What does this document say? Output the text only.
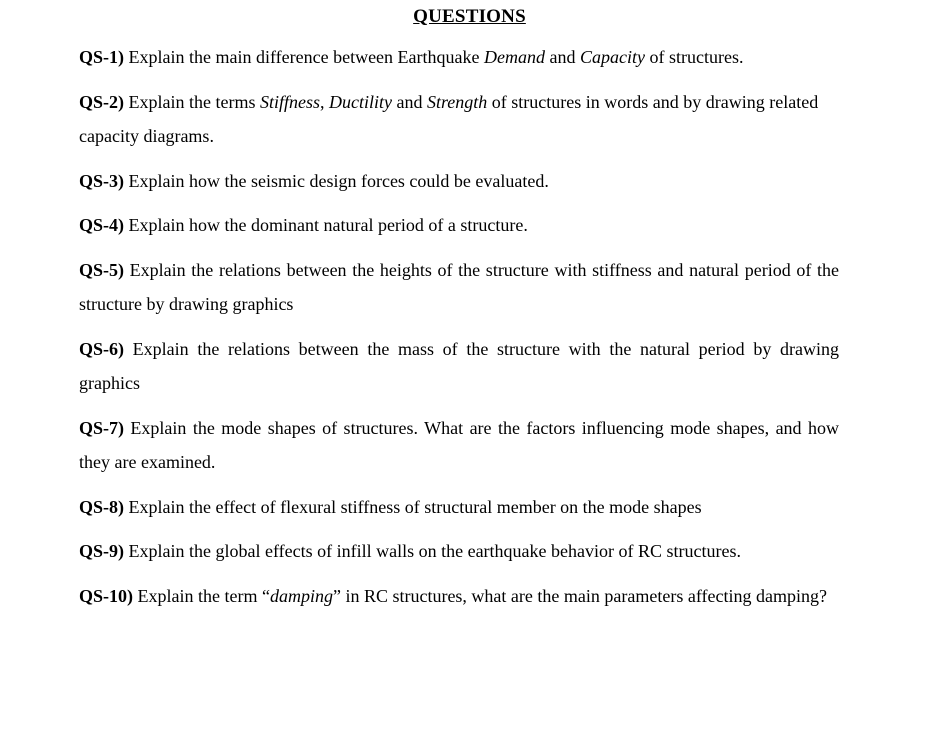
QUESTIONS
QS-1) Explain the main difference between Earthquake Demand and Capacity of structures.
QS-2) Explain the terms Stiffness, Ductility and Strength of structures in words and by drawing related capacity diagrams.
QS-3) Explain how the seismic design forces could be evaluated.
QS-4) Explain how the dominant natural period of a structure.
QS-5) Explain the relations between the heights of the structure with stiffness and natural period of the structure by drawing graphics
QS-6) Explain the relations between the mass of the structure with the natural period by drawing graphics
QS-7) Explain the mode shapes of structures. What are the factors influencing mode shapes, and how they are examined.
QS-8) Explain the effect of flexural stiffness of structural member on the mode shapes
QS-9) Explain the global effects of infill walls on the earthquake behavior of RC structures.
QS-10) Explain the term “damping” in RC structures, what are the main parameters affecting damping?
